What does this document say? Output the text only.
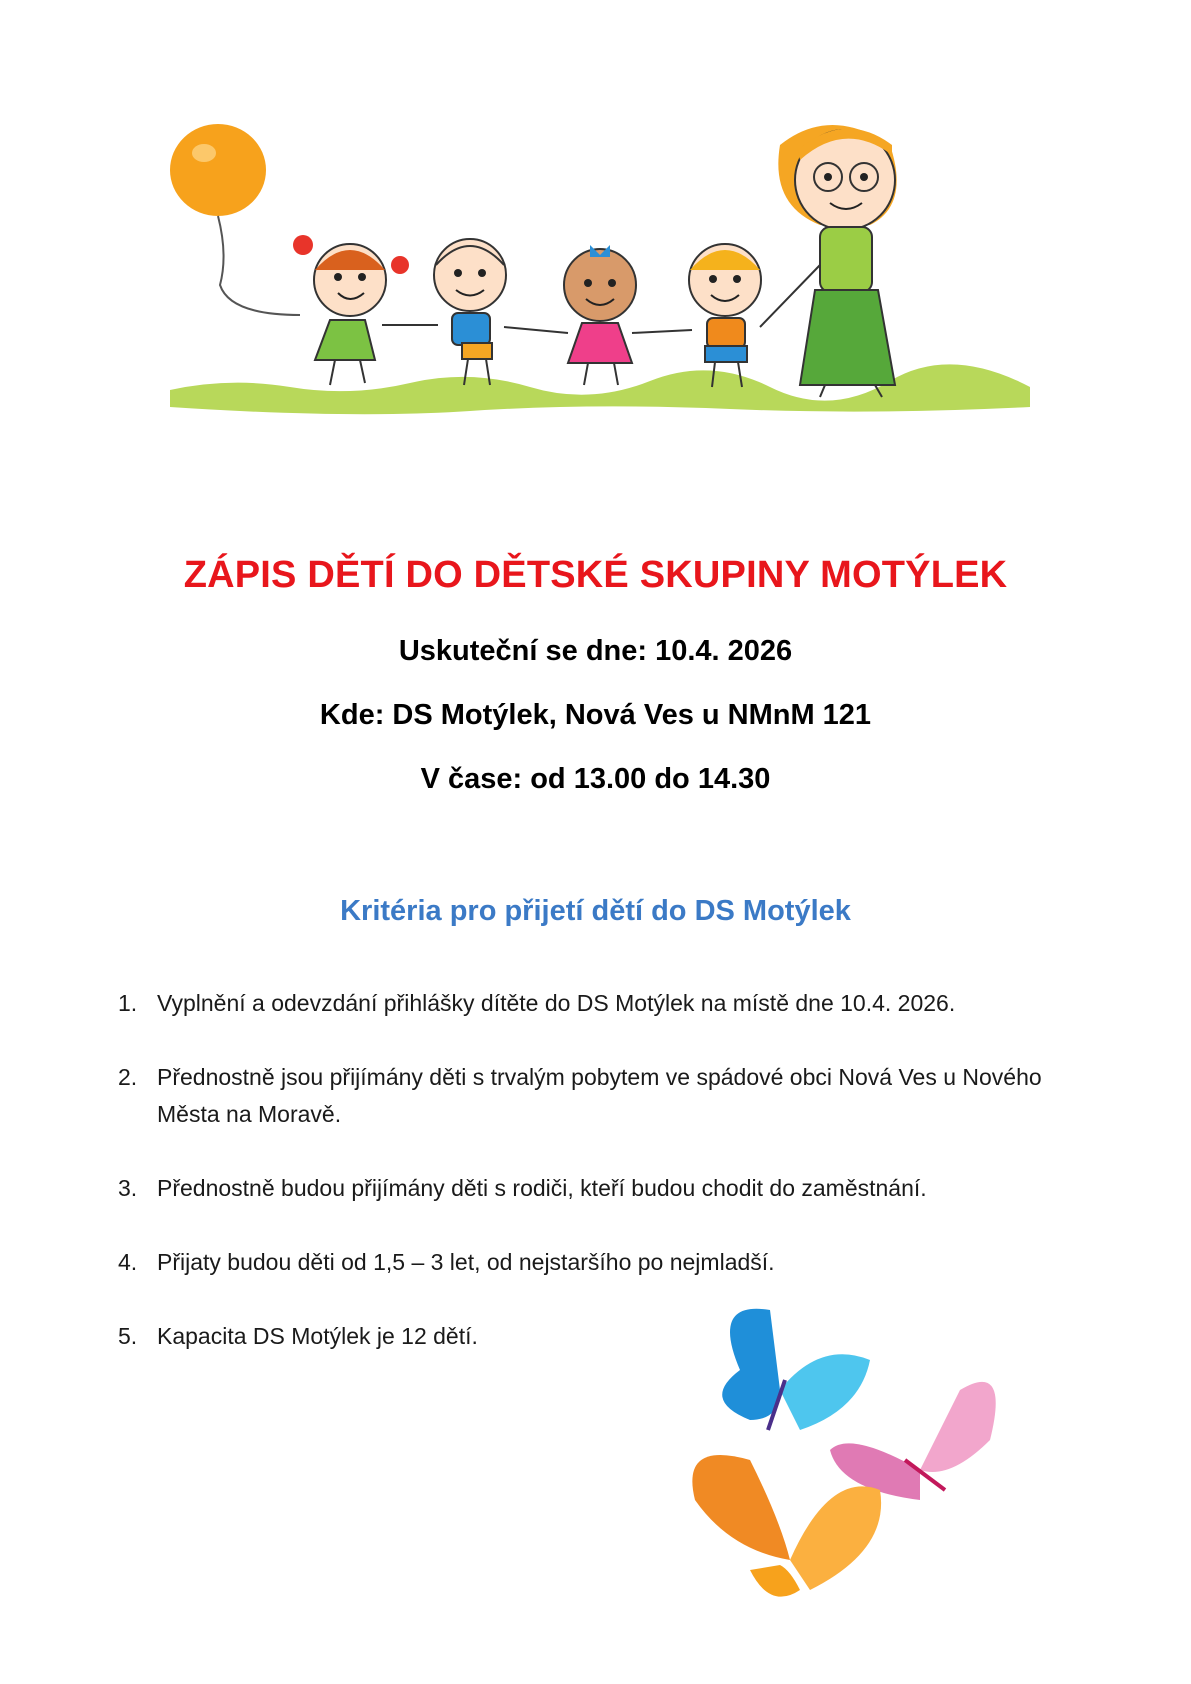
ZÁPIS DĚTÍ DO DĚTSKÉ SKUPINY MOTÝLEK
Uskuteční se dne: 10.4. 2026
Kde: DS Motýlek, Nová Ves u NMnM 121
V čase: od 13.00 do 14.30
Kritéria pro přijetí dětí do DS Motýlek
1. Vyplnění a odevzdání přihlášky dítěte do DS Motýlek na místě dne 10.4. 2026.
2. Přednostně jsou přijímány děti s trvalým pobytem ve spádové obci Nová Ves u Nového Města na Moravě.
3. Přednostně budou přijímány děti s rodiči, kteří budou chodit do zaměstnání.
4. Přijaty budou děti od 1,5 – 3 let, od nejstaršího po nejmladší.
5. Kapacita DS Motýlek je 12 dětí.
